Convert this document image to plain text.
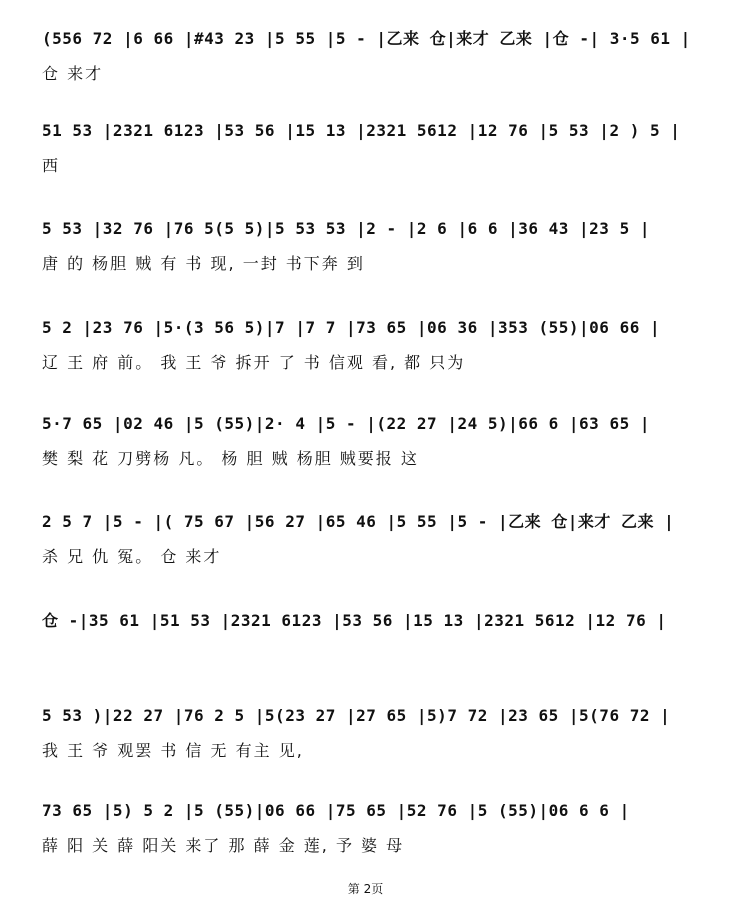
(556 72 |6 66 |#43 23 |5 55 |5 - |乙来 仓|来才 乙来 |仓 -| 3·5 61 |
仓 来才
51 53 |2321 6123 |53 56 |15 13 |2321 5612 |12 76 |5 53 |2 ) 5 |
西
5 53 |32 76 |76 5(5 5)|5 53 53 |2 - |2 6 |6 6 |36 43 |23 5 |
唐 的 杨胆 贼 有 书 现, 一封 书下奔 到
5 2 |23 76 |5·(3 56 5)|7 |7 7 |73 65 |06 36 |353 (55)|06 66 |
辽 王 府 前。 我 王 爷 拆开 了 书 信观 看, 都 只为
5·7 65 |02 46 |5 (55)|2· 4 |5 - |(22 27 |24 5)|66 6 |63 65 |
樊 梨 花 刀劈杨 凡。 杨 胆 贼 杨胆 贼要报 这
2 5 7 |5 - |( 75 67 |56 27 |65 46 |5 55 |5 - |乙来 仓|来才 乙来 |
杀 兄 仇 冤。 仓 来才
仓 -|35 61 |51 53 |2321 6123 |53 56 |15 13 |2321 5612 |12 76 |
5 53 )|22 27 |76 2 5 |5(23 27 |27 65 |5)7 72 |23 65 |5(76 72 |
我 王 爷 观罢 书 信 无 有主 见,
73 65 |5) 5 2 |5 (55)|06 66 |75 65 |52 76 |5 (55)|06 6 6 |
薛 阳 关 薛 阳关 来了 那 薛 金 莲, 予 婆 母
第 2页
